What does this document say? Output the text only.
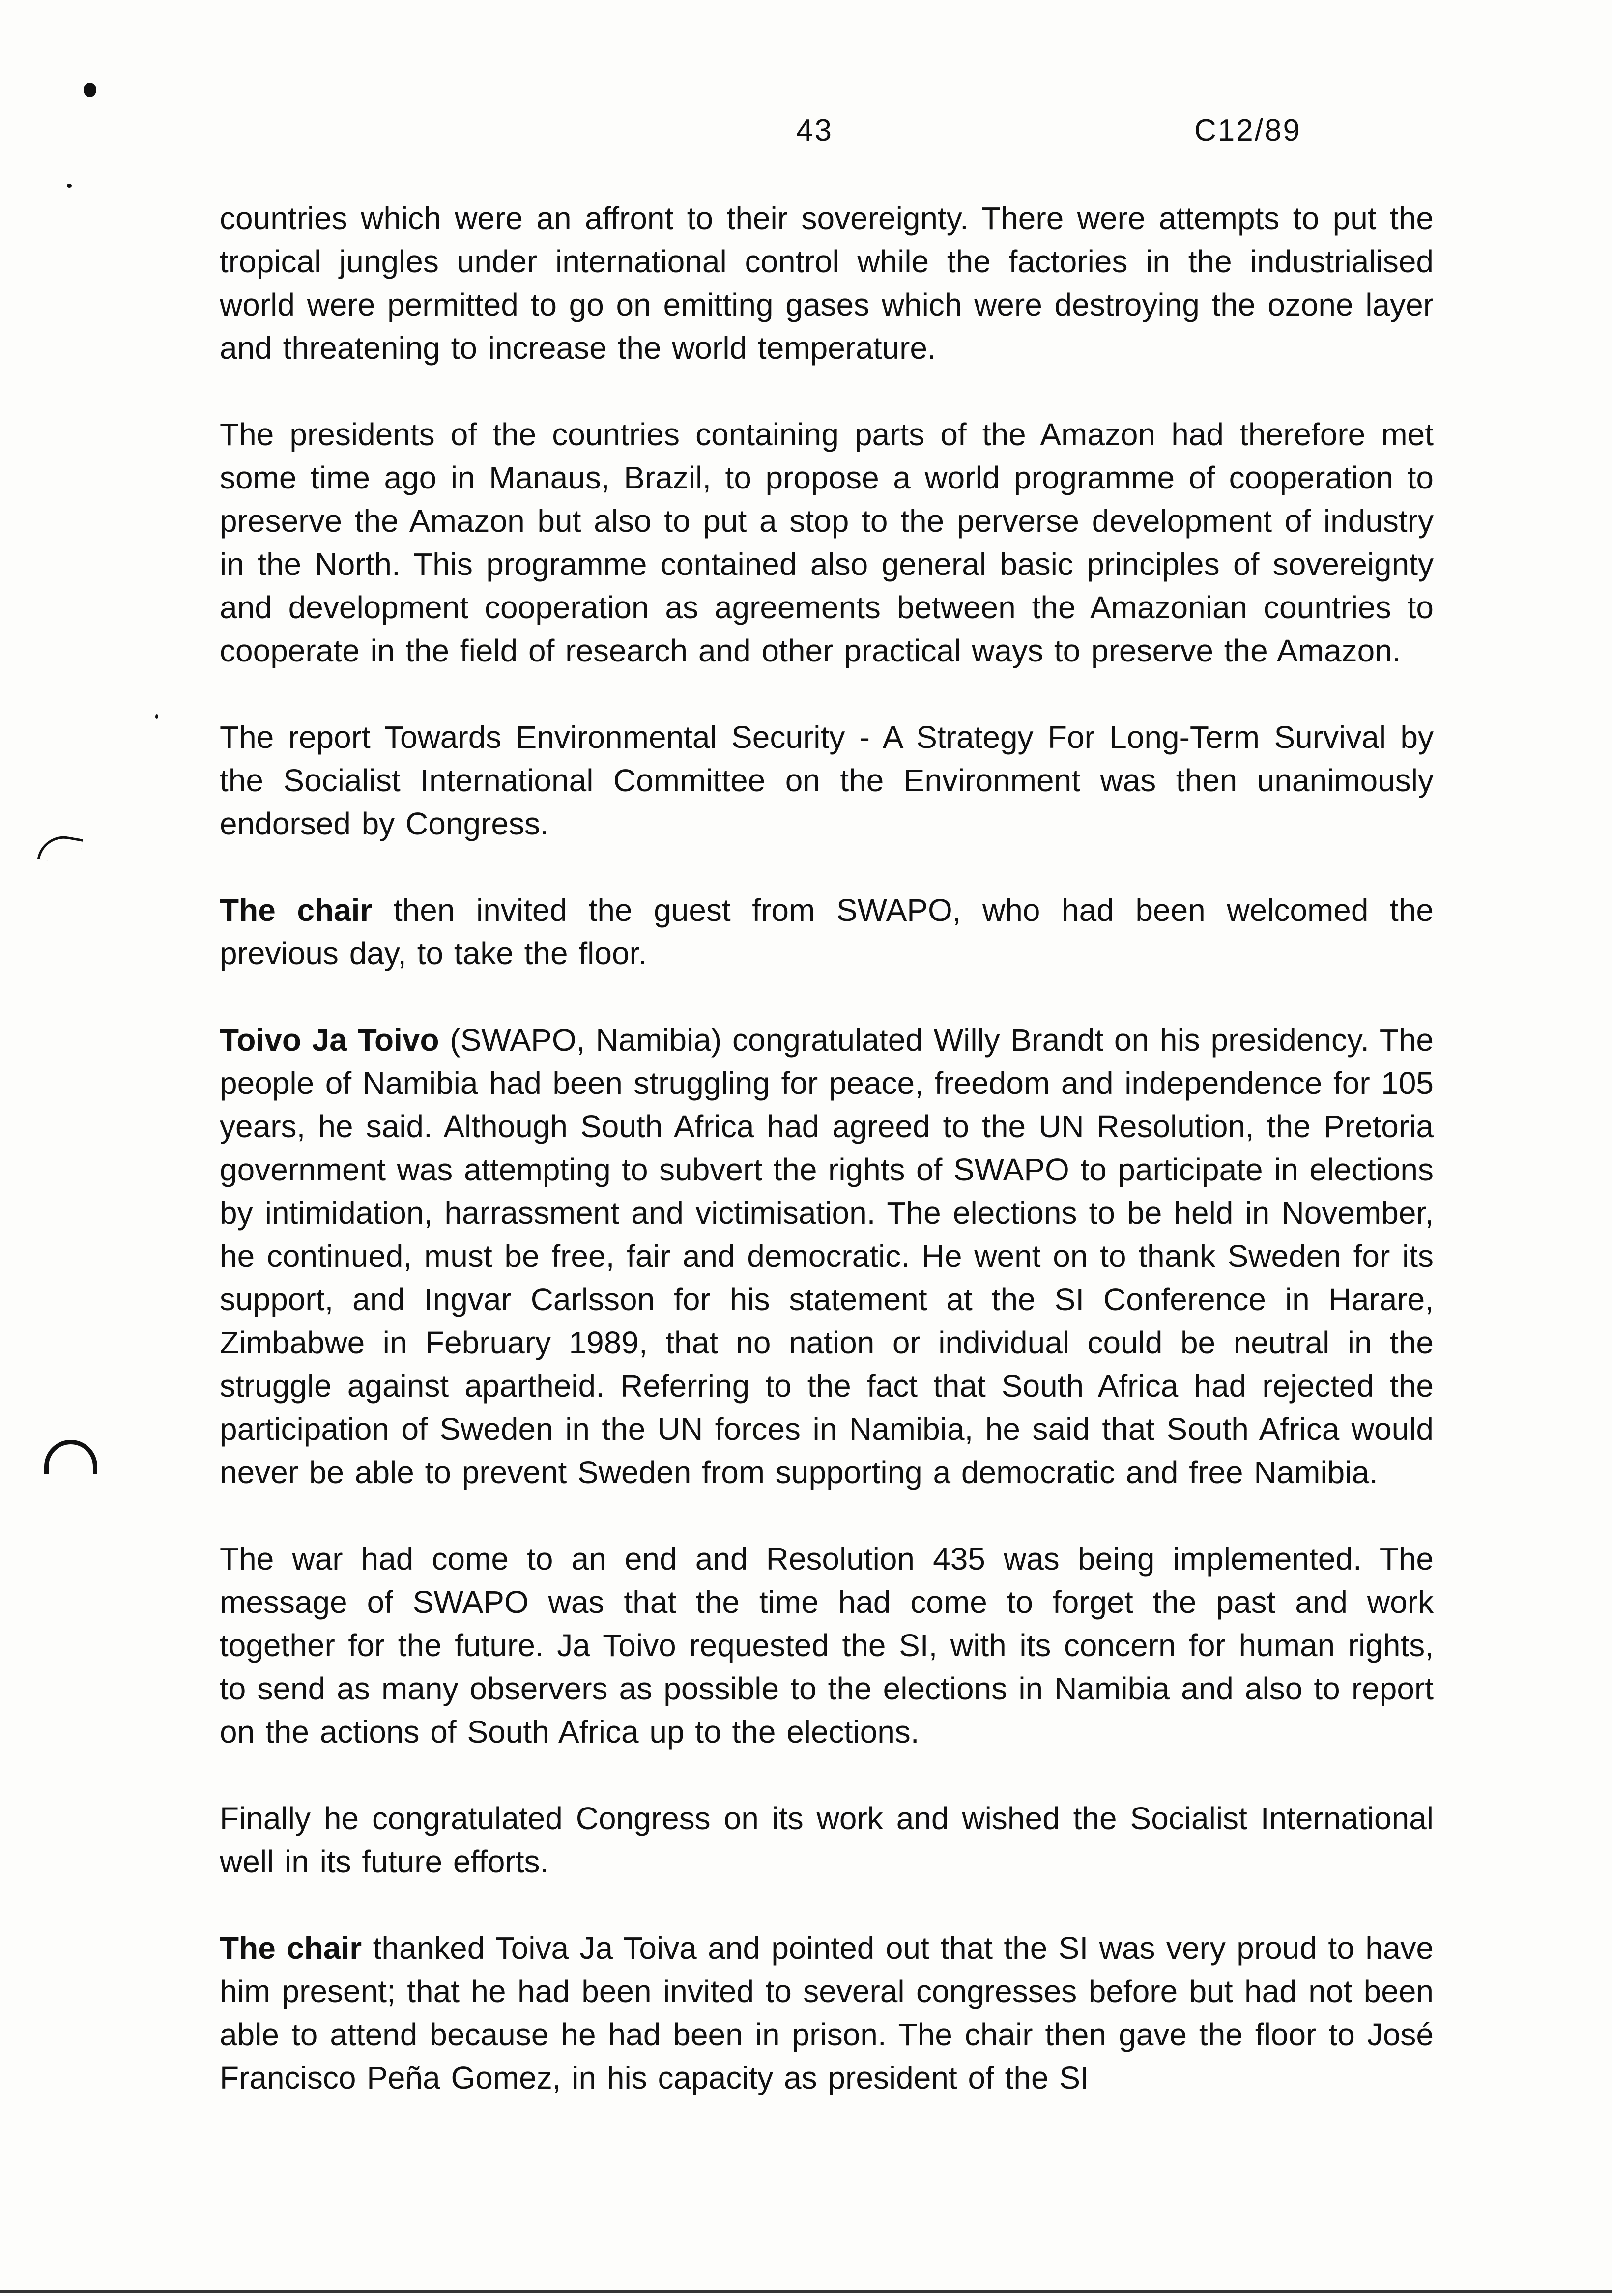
43	C12/89

countries which were an affront to their sovereignty. There were attempts to put the tropical jungles under international control while the factories in the industrialised world were permitted to go on emitting gases which were destroying the ozone layer and threatening to increase the world temperature.

The presidents of the countries containing parts of the Amazon had therefore met some time ago in Manaus, Brazil, to propose a world programme of cooperation to preserve the Amazon but also to put a stop to the perverse development of industry in the North. This programme contained also general basic principles of sovereignty and development cooperation as agreements between the Amazonian countries to cooperate in the field of research and other practical ways to preserve the Amazon.

The report Towards Environmental Security - A Strategy For Long-Term Survival by the Socialist International Committee on the Environment was then unanimously endorsed by Congress.

The chair then invited the guest from SWAPO, who had been welcomed the previous day, to take the floor.

Toivo Ja Toivo (SWAPO, Namibia) congratulated Willy Brandt on his presidency. The people of Namibia had been struggling for peace, freedom and independence for 105 years, he said. Although South Africa had agreed to the UN Resolution, the Pretoria government was attempting to subvert the rights of SWAPO to participate in elections by intimidation, harrassment and victimisation. The elections to be held in November, he continued, must be free, fair and democratic. He went on to thank Sweden for its support, and Ingvar Carlsson for his statement at the SI Conference in Harare, Zimbabwe in February 1989, that no nation or individual could be neutral in the struggle against apartheid. Referring to the fact that South Africa had rejected the participation of Sweden in the UN forces in Namibia, he said that South Africa would never be able to prevent Sweden from supporting a democratic and free Namibia.

The war had come to an end and Resolution 435 was being implemented. The message of SWAPO was that the time had come to forget the past and work together for the future. Ja Toivo requested the SI, with its concern for human rights, to send as many observers as possible to the elections in Namibia and also to report on the actions of South Africa up to the elections.

Finally he congratulated Congress on its work and wished the Socialist International well in its future efforts.

The chair thanked Toiva Ja Toiva and pointed out that the SI was very proud to have him present; that he had been invited to several congresses before but had not been able to attend because he had been in prison. The chair then gave the floor to José Francisco Peña Gomez, in his capacity as president of the SI
